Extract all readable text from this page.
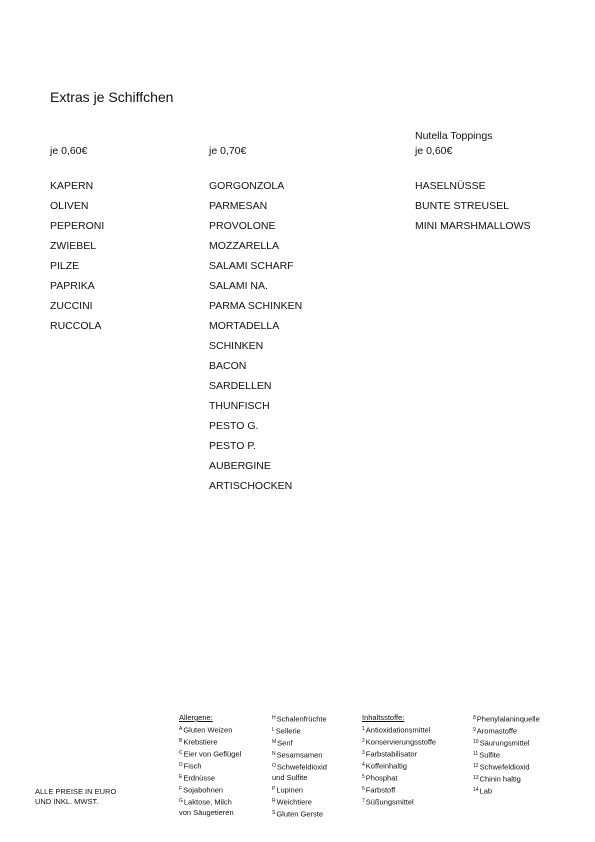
Extras je Schiffchen
je 0,60€
KAPERN
OLIVEN
PEPERONI
ZWIEBEL
PILZE
PAPRIKA
ZUCCINI
RUCCOLA
je 0,70€
GORGONZOLA
PARMESAN
PROVOLONE
MOZZARELLA
SALAMI SCHARF
SALAMI NA.
PARMA SCHINKEN
MORTADELLA
SCHINKEN
BACON
SARDELLEN
THUNFISCH
PESTO G.
PESTO P.
AUBERGINE
ARTISCHOCKEN
Nutella Toppings
je 0,60€
HASELNÜSSE
BUNTE STREUSEL
MINI MARSHMALLOWS
ALLE PREISE IN EURO
UND INKL. MWST.
Allergene:
$^A$Gluten Weizen
$^B$Krebstiere
$^C$Eier von Geflügel
$^D$Fisch
$^E$Erdnüsse
$^F$Sojabohnen
$^G$Laktose, Milch
von Säugetieren
$^H$Schalenfrüchte
$^L$Sellerie
$^M$Senf
$^N$Sesamsamen
$^O$Schwefeldioxid
und Sulfite
$^P$Lupinen
$^R$Weichtiere
$^S$Gluten Gerste
Inhaltsstoffe:
$^1$Antioxidationsmittel
$^2$Konservierungsstoffe
$^3$Farbstabilisator
$^4$Koffeinhaltig
$^5$Phosphat
$^6$Farbstoff
$^7$Süßungsmittel
$^8$Phenylalaninquelle
$^9$Aromastoffe
$^{10}$Säurungsmittel
$^{11}$Sulfite
$^{12}$Schwefeldioxid
$^{13}$Chinin haltig
$^{14}$Lab
